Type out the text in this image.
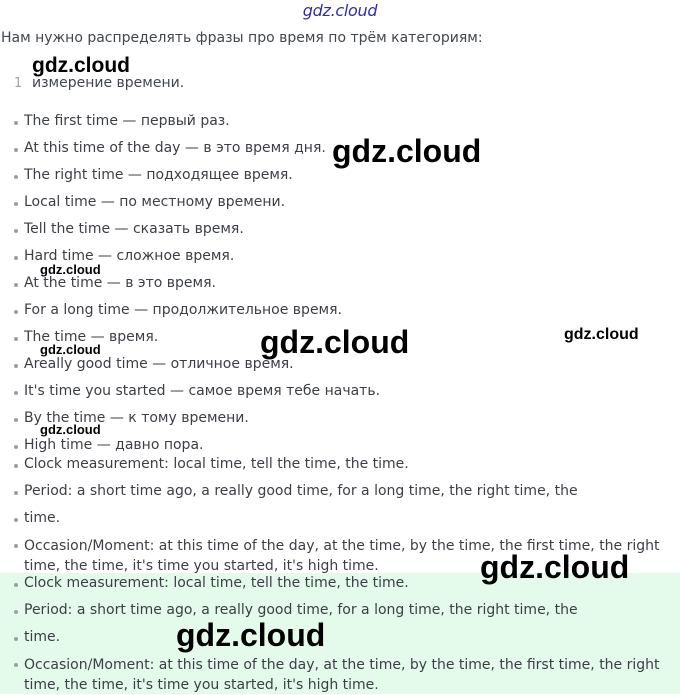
gdz.cloud
Нам нужно распределять фразы про время по трём категориям:
1 измерение времени.
The first time — первый раз.
At this time of the day — в это время дня.
The right time — подходящее время.
Local time — по местному времени.
Tell the time — сказать время.
Hard time — сложное время.
At the time — в это время.
For a long time — продолжительное время.
The time — время.
Areally good time — отличное время.
It's time you started — самое время тебе начать.
By the time — к тому времени.
High time — давно пора.
Clock measurement: local time, tell the time, the time.
Period: a short time ago, a really good time, for a long time, the right time, the
time.
Occasion/Moment: at this time of the day, at the time, by the time, the first time, the right time, the time, it's time you started, it's high time.
Clock measurement: local time, tell the time, the time.
Period: a short time ago, a really good time, for a long time, the right time, the
time.
Occasion/Moment: at this time of the day, at the time, by the time, the first time, the right time, the time, it's time you started, it's high time.
gdz.cloud
gdz.cloud
gdz.cloud
gdz.cloud	gdz.cloud
gdz.cloud
gdz.cloud
gdz.cloud
gdz.cloud
